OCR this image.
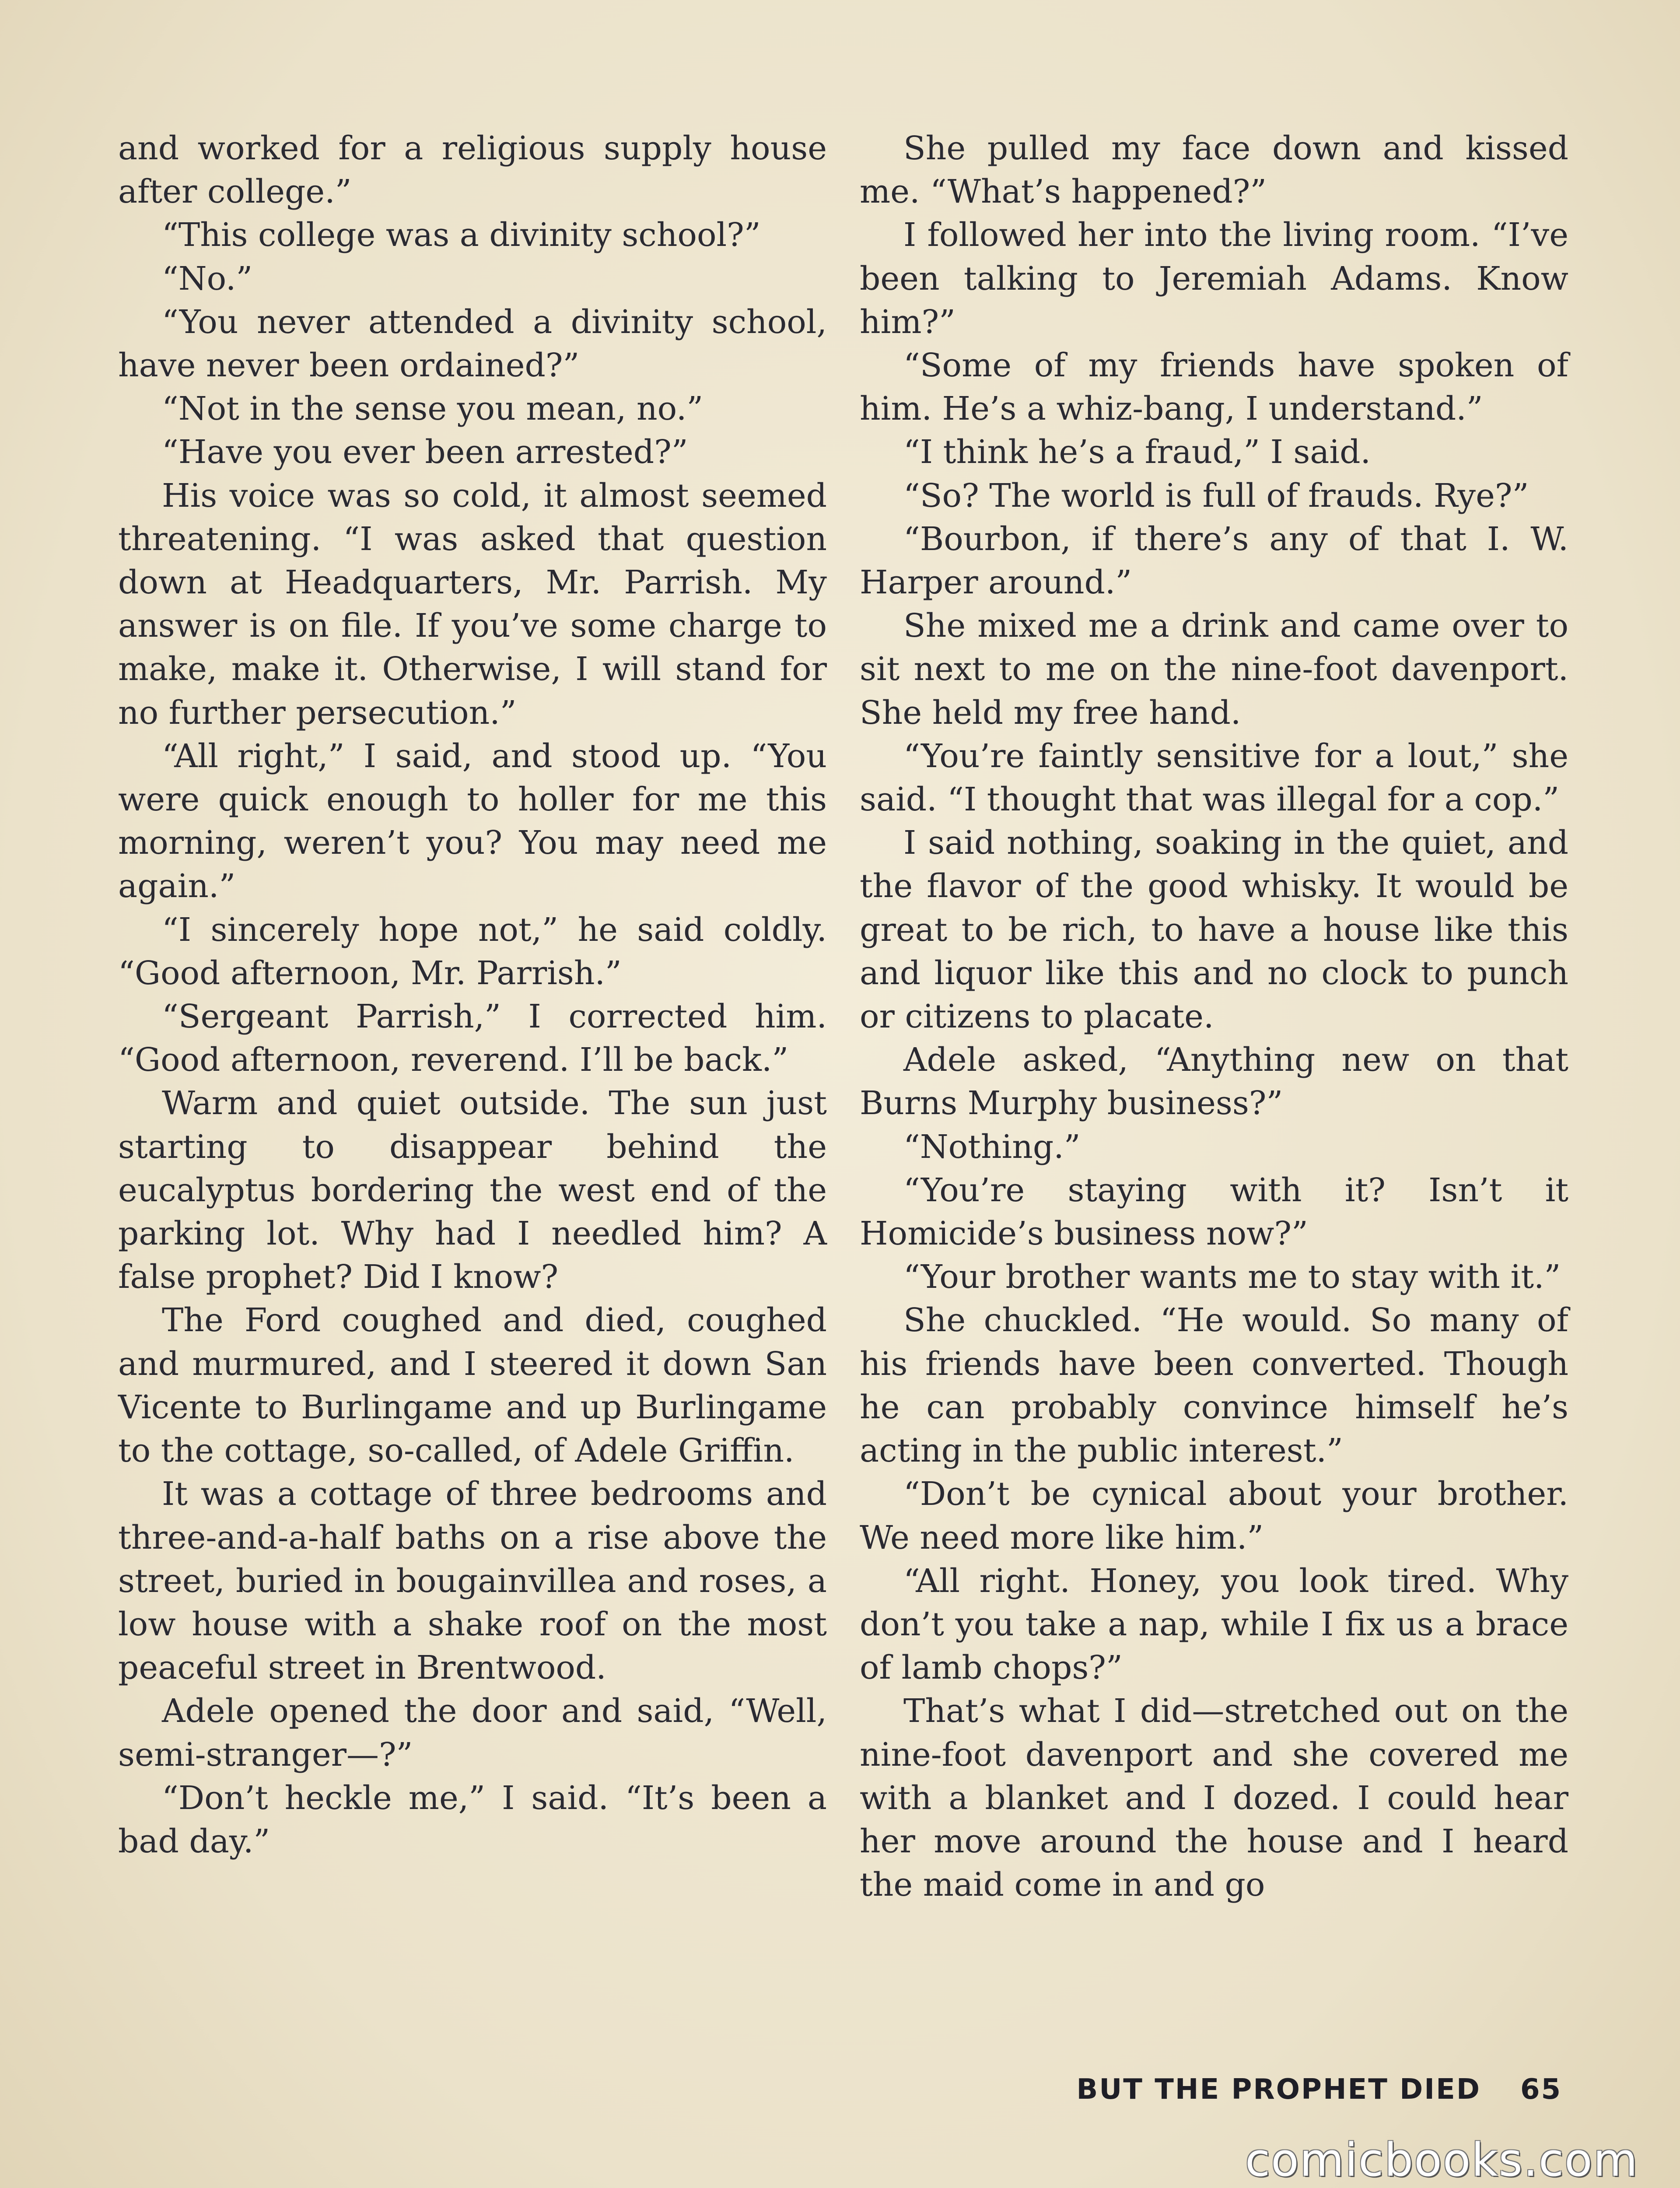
and worked for a religious supply house after college.”

“This college was a divinity school?”

“No.”

“You never attended a divinity school, have never been ordained?”

“Not in the sense you mean, no.”

“Have you ever been arrested?”

His voice was so cold, it almost seemed threatening. “I was asked that question down at Headquarters, Mr. Parrish. My answer is on file. If you’ve some charge to make, make it. Otherwise, I will stand for no further persecution.”

“All right,” I said, and stood up. “You were quick enough to holler for me this morning, weren’t you? You may need me again.”

“I sincerely hope not,” he said coldly. “Good afternoon, Mr. Parrish.”

“Sergeant Parrish,” I corrected him. “Good afternoon, reverend. I’ll be back.”

Warm and quiet outside. The sun just starting to disappear behind the eucalyptus bordering the west end of the parking lot. Why had I needled him? A false prophet? Did I know?

The Ford coughed and died, coughed and murmured, and I steered it down San Vicente to Burlingame and up Burlingame to the cottage, so-called, of Adele Griffin.

It was a cottage of three bedrooms and three-and-a-half baths on a rise above the street, buried in bougainvillea and roses, a low house with a shake roof on the most peaceful street in Brentwood.

Adele opened the door and said, “Well, semi-stranger—?”

“Don’t heckle me,” I said. “It’s been a bad day.”

She pulled my face down and kissed me. “What’s happened?”

I followed her into the living room. “I’ve been talking to Jeremiah Adams. Know him?”

“Some of my friends have spoken of him. He’s a whiz-bang, I understand.”

“I think he’s a fraud,” I said.

“So? The world is full of frauds. Rye?”

“Bourbon, if there’s any of that I. W. Harper around.”

She mixed me a drink and came over to sit next to me on the nine-foot davenport. She held my free hand.

“You’re faintly sensitive for a lout,” she said. “I thought that was illegal for a cop.”

I said nothing, soaking in the quiet, and the flavor of the good whisky. It would be great to be rich, to have a house like this and liquor like this and no clock to punch or citizens to placate.

Adele asked, “Anything new on that Burns Murphy business?”

“Nothing.”

“You’re staying with it? Isn’t it Homicide’s business now?”

“Your brother wants me to stay with it.”

She chuckled. “He would. So many of his friends have been converted. Though he can probably convince himself he’s acting in the public interest.”

“Don’t be cynical about your brother. We need more like him.”

“All right. Honey, you look tired. Why don’t you take a nap, while I fix us a brace of lamb chops?”

That’s what I did—stretched out on the nine-foot davenport and she covered me with a blanket and I dozed. I could hear her move around the house and I heard the maid come in and go

BUT THE PROPHET DIED 65
comicbooks.com
